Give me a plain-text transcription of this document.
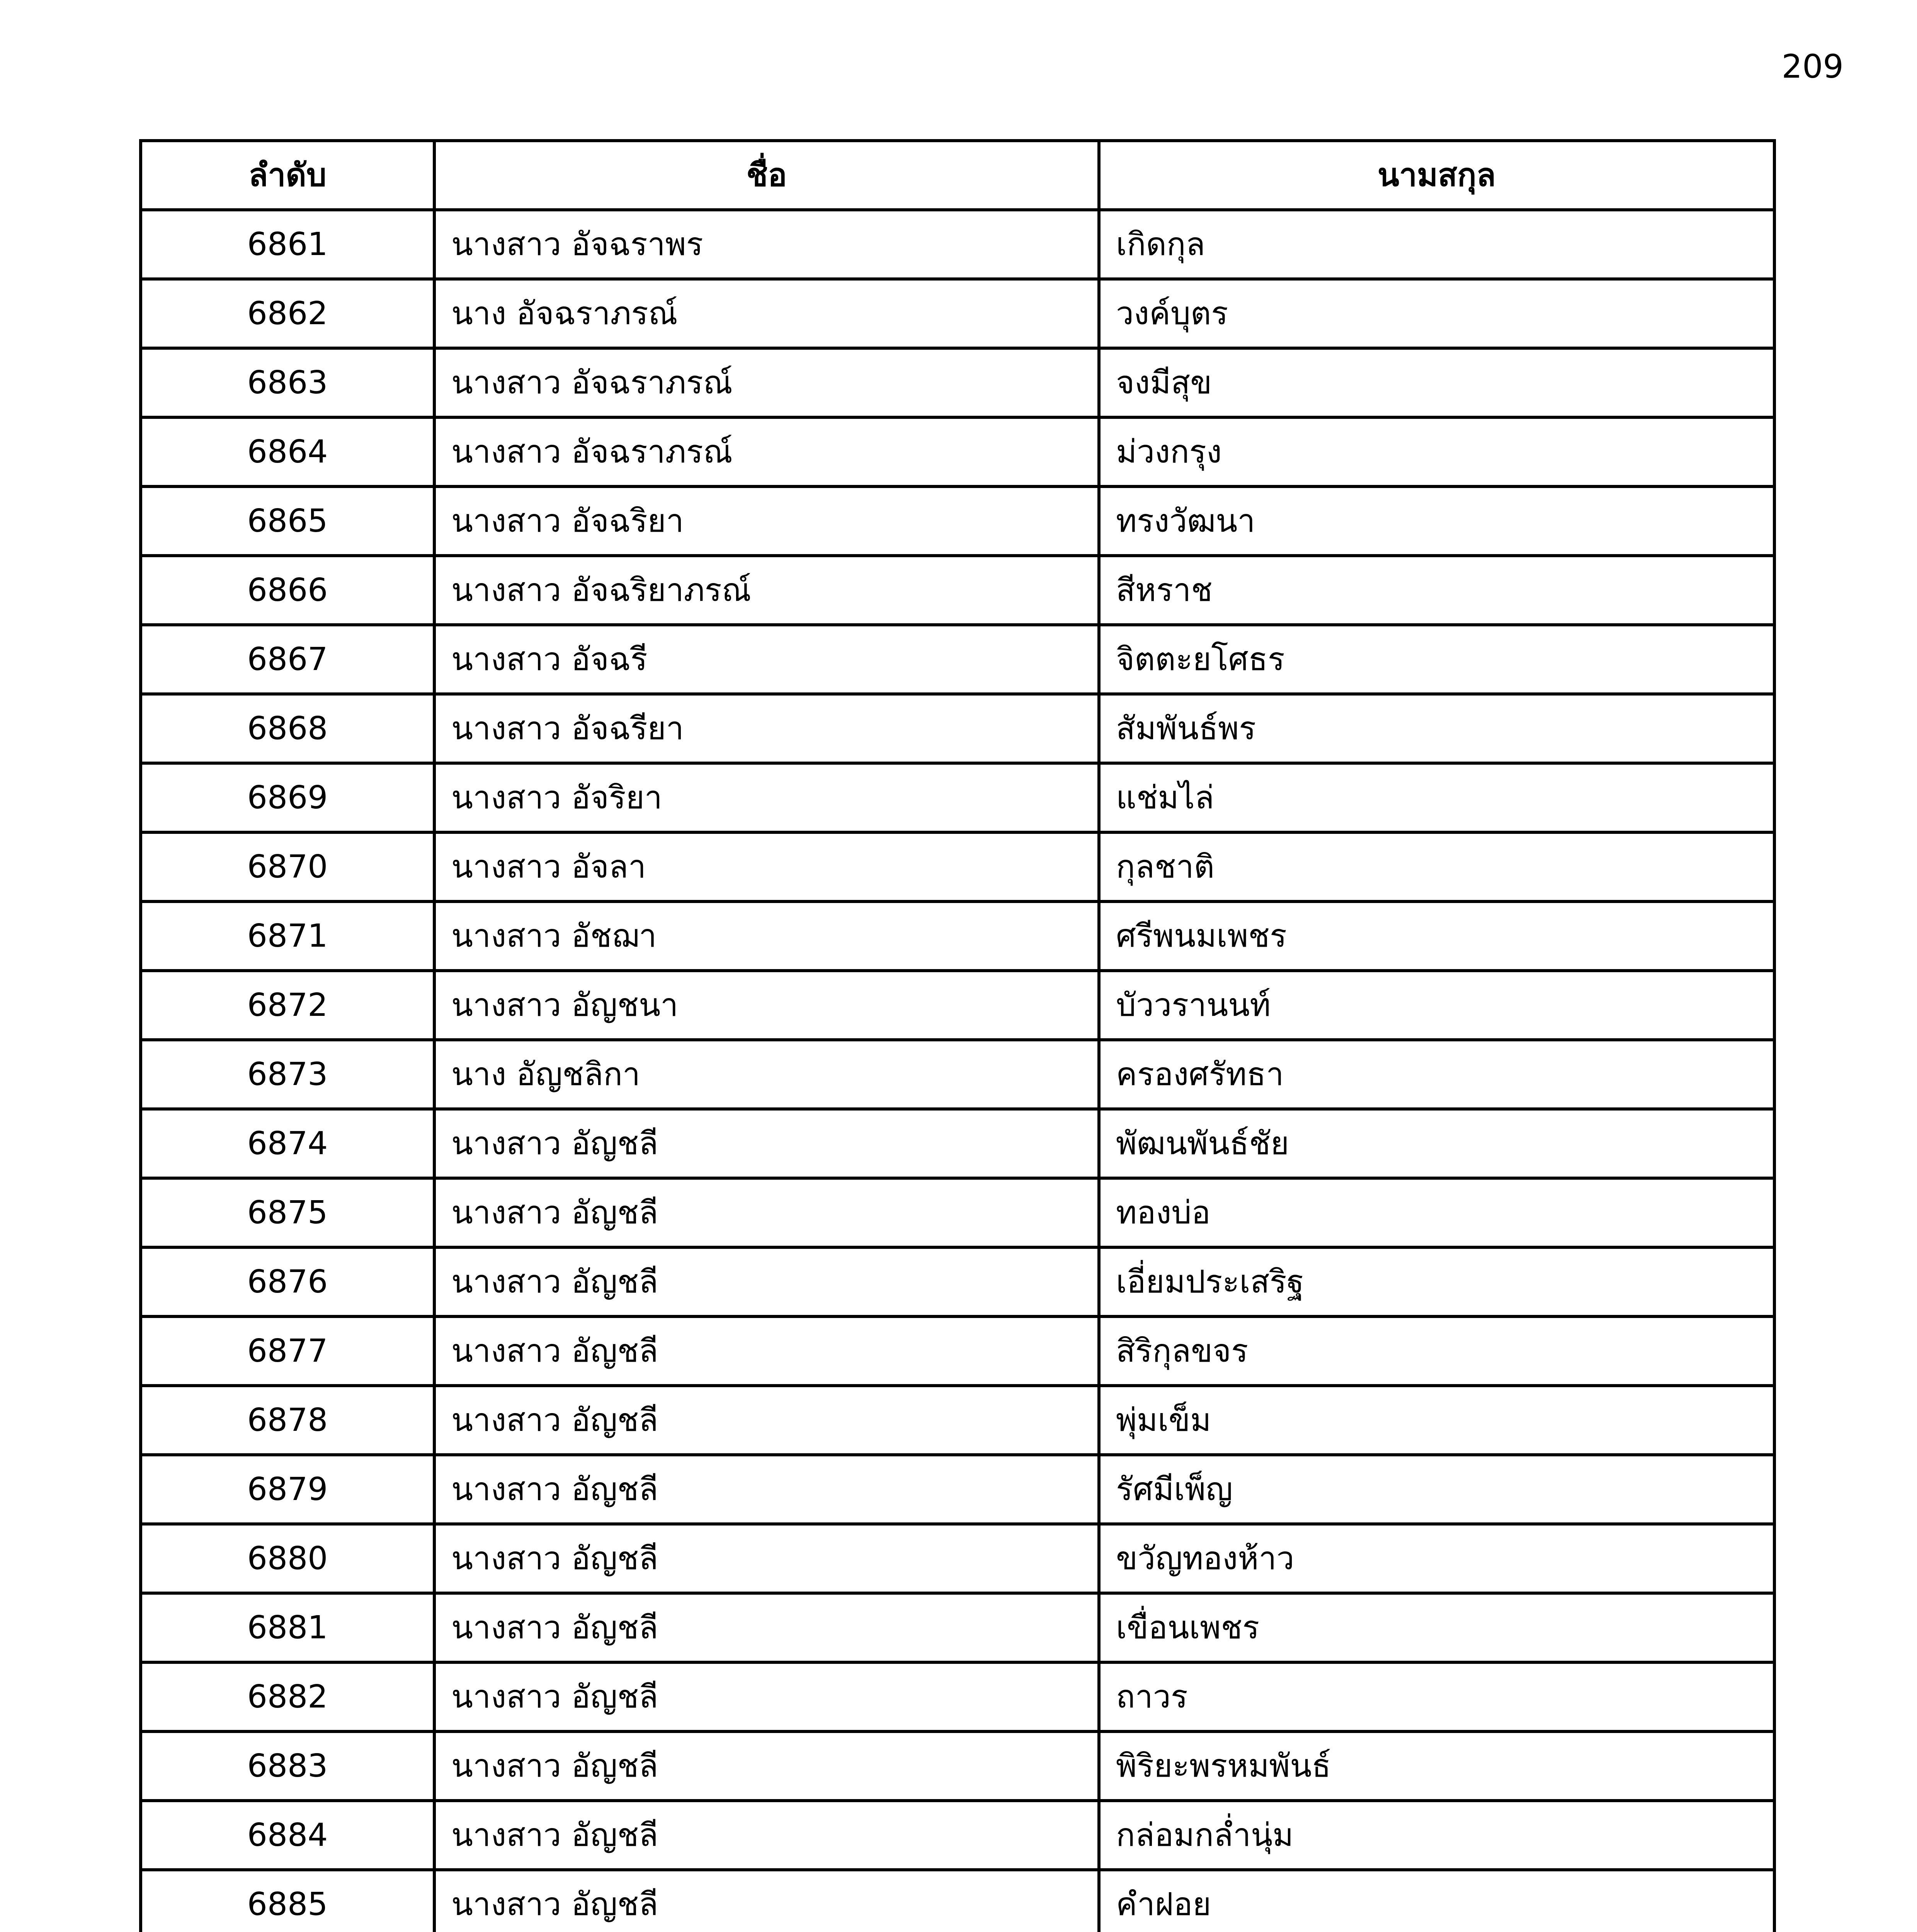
209
ลำดับ	ชื่อ	นามสกุล
6861	นางสาว อัจฉราพร	เกิดกุล
6862	นาง อัจฉราภรณ์	วงค์บุตร
6863	นางสาว อัจฉราภรณ์	จงมีสุข
6864	นางสาว อัจฉราภรณ์	ม่วงกรุง
6865	นางสาว อัจฉริยา	ทรงวัฒนา
6866	นางสาว อัจฉริยาภรณ์	สีหราช
6867	นางสาว อัจฉรี	จิตตะยโศธร
6868	นางสาว อัจฉรียา	สัมพันธ์พร
6869	นางสาว อัจริยา	แช่มไล่
6870	นางสาว อัจลา	กุลชาติ
6871	นางสาว อัชฌา	ศรีพนมเพชร
6872	นางสาว อัญชนา	บัววรานนท์
6873	นาง อัญชลิกา	ครองศรัทธา
6874	นางสาว อัญชลี	พัฒนพันธ์ชัย
6875	นางสาว อัญชลี	ทองบ่อ
6876	นางสาว อัญชลี	เอี่ยมประเสริฐ
6877	นางสาว อัญชลี	สิริกุลขจร
6878	นางสาว อัญชลี	พุ่มเข็ม
6879	นางสาว อัญชลี	รัศมีเพ็ญ
6880	นางสาว อัญชลี	ขวัญทองห้าว
6881	นางสาว อัญชลี	เขื่อนเพชร
6882	นางสาว อัญชลี	ถาวร
6883	นางสาว อัญชลี	พิริยะพรหมพันธ์
6884	นางสาว อัญชลี	กล่อมกล่ำนุ่ม
6885	นางสาว อัญชลี	คำฝอย
